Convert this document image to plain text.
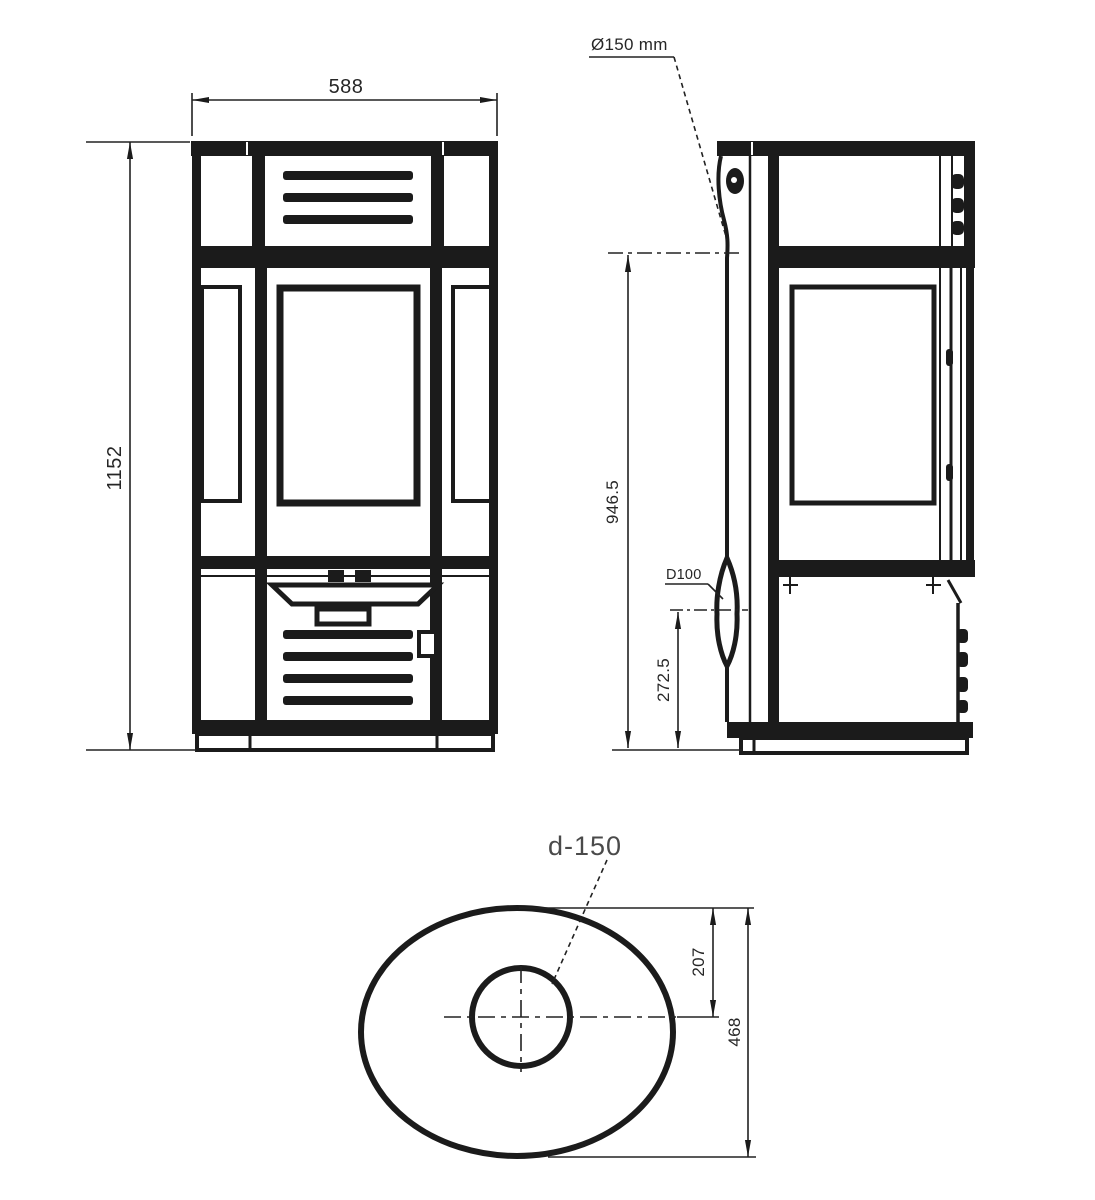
588
1152
Ø150 mm
946.5
D100
272.5
d-150
207
468
